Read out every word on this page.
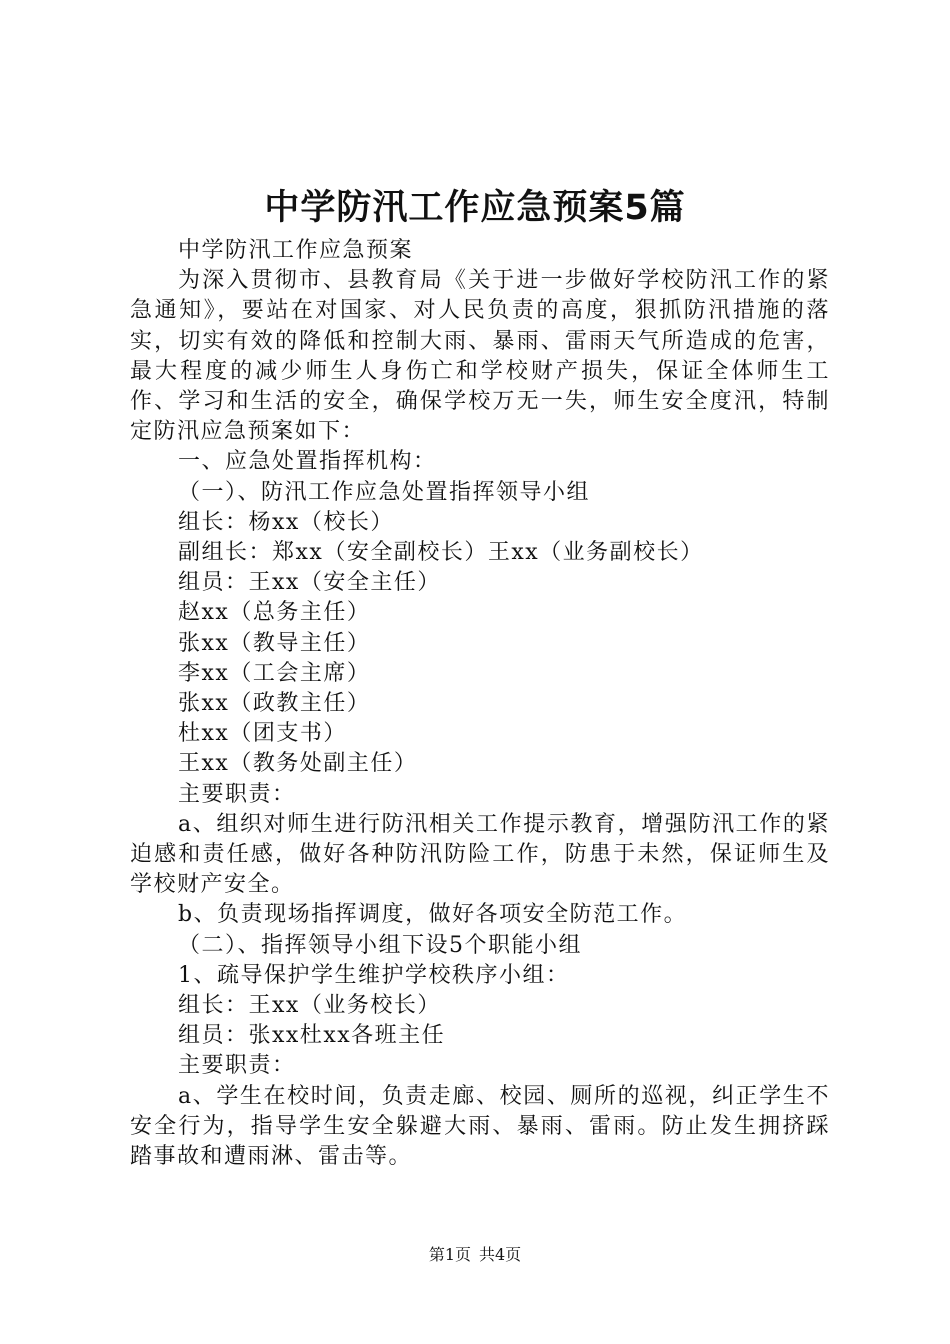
中学防汛工作应急预案5篇

中学防汛工作应急预案

为深入贯彻市、县教育局《关于进一步做好学校防汛工作的紧急通知》，要站在对国家、对人民负责的高度，狠抓防汛措施的落实，切实有效的降低和控制大雨、暴雨、雷雨天气所造成的危害，最大程度的减少师生人身伤亡和学校财产损失，保证全体师生工作、学习和生活的安全，确保学校万无一失，师生安全度汛，特制定防汛应急预案如下：

一、应急处置指挥机构：

（一）、防汛工作应急处置指挥领导小组

组长：杨xx（校长）

副组长：郑xx（安全副校长）王xx（业务副校长）

组员：王xx（安全主任）

赵xx（总务主任）

张xx（教导主任）

李xx（工会主席）

张xx（政教主任）

杜xx（团支书）

王xx（教务处副主任）

主要职责：

a、组织对师生进行防汛相关工作提示教育，增强防汛工作的紧迫感和责任感，做好各种防汛防险工作，防患于未然，保证师生及学校财产安全。

b、负责现场指挥调度，做好各项安全防范工作。

（二）、指挥领导小组下设5个职能小组

1、疏导保护学生维护学校秩序小组：

组长：王xx（业务校长）

组员：张xx杜xx各班主任

主要职责：

a、学生在校时间，负责走廊、校园、厕所的巡视，纠正学生不安全行为，指导学生安全躲避大雨、暴雨、雷雨。防止发生拥挤踩踏事故和遭雨淋、雷击等。

第1页 共4页
